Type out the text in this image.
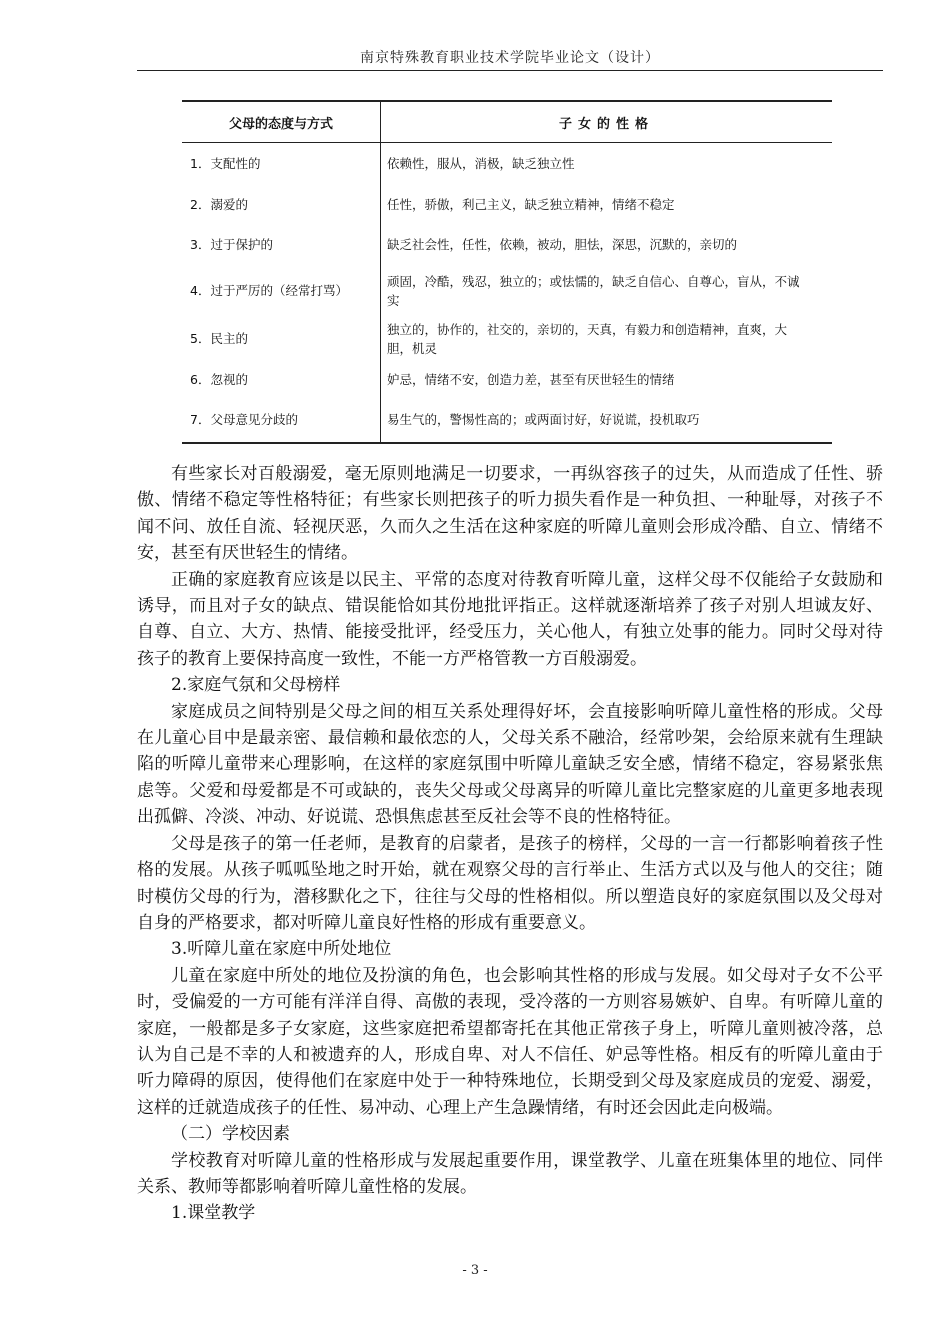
南京特殊教育职业技术学院毕业论文（设计）
父母的态度与方式	子女的性格
1．支配性的	依赖性，服从，消极，缺乏独立性
2．溺爱的	任性，骄傲，利己主义，缺乏独立精神，情绪不稳定
3．过于保护的	缺乏社会性，任性，依赖，被动，胆怯，深思，沉默的，亲切的
4．过于严厉的（经常打骂）	顽固，冷酷，残忍，独立的；或怯懦的，缺乏自信心、自尊心，盲从，不诚实
5．民主的	独立的，协作的，社交的，亲切的，天真，有毅力和创造精神，直爽，大胆，机灵
6．忽视的	妒忌，情绪不安，创造力差，甚至有厌世轻生的情绪
7．父母意见分歧的	易生气的，警惕性高的；或两面讨好，好说谎，投机取巧

有些家长对百般溺爱，毫无原则地满足一切要求，一再纵容孩子的过失，从而造成了任性、骄傲、情绪不稳定等性格特征；有些家长则把孩子的听力损失看作是一种负担、一种耻辱，对孩子不闻不问、放任自流、轻视厌恶，久而久之生活在这种家庭的听障儿童则会形成冷酷、自立、情绪不安，甚至有厌世轻生的情绪。

正确的家庭教育应该是以民主、平常的态度对待教育听障儿童，这样父母不仅能给子女鼓励和诱导，而且对子女的缺点、错误能恰如其份地批评指正。这样就逐渐培养了孩子对别人坦诚友好、自尊、自立、大方、热情、能接受批评，经受压力，关心他人，有独立处事的能力。同时父母对待孩子的教育上要保持高度一致性，不能一方严格管教一方百般溺爱。

2.家庭气氛和父母榜样

家庭成员之间特别是父母之间的相互关系处理得好坏，会直接影响听障儿童性格的形成。父母在儿童心目中是最亲密、最信赖和最依恋的人，父母关系不融洽，经常吵架，会给原来就有生理缺陷的听障儿童带来心理影响，在这样的家庭氛围中听障儿童缺乏安全感，情绪不稳定，容易紧张焦虑等。父爱和母爱都是不可或缺的，丧失父母或父母离异的听障儿童比完整家庭的儿童更多地表现出孤僻、冷淡、冲动、好说谎、恐惧焦虑甚至反社会等不良的性格特征。

父母是孩子的第一任老师，是教育的启蒙者，是孩子的榜样，父母的一言一行都影响着孩子性格的发展。从孩子呱呱坠地之时开始，就在观察父母的言行举止、生活方式以及与他人的交往；随时模仿父母的行为，潜移默化之下，往往与父母的性格相似。所以塑造良好的家庭氛围以及父母对自身的严格要求，都对听障儿童良好性格的形成有重要意义。

3.听障儿童在家庭中所处地位

儿童在家庭中所处的地位及扮演的角色，也会影响其性格的形成与发展。如父母对子女不公平时，受偏爱的一方可能有洋洋自得、高傲的表现，受冷落的一方则容易嫉妒、自卑。有听障儿童的家庭，一般都是多子女家庭，这些家庭把希望都寄托在其他正常孩子身上，听障儿童则被冷落，总认为自己是不幸的人和被遗弃的人，形成自卑、对人不信任、妒忌等性格。相反有的听障儿童由于听力障碍的原因，使得他们在家庭中处于一种特殊地位，长期受到父母及家庭成员的宠爱、溺爱，这样的迁就造成孩子的任性、易冲动、心理上产生急躁情绪，有时还会因此走向极端。

（二）学校因素

学校教育对听障儿童的性格形成与发展起重要作用，课堂教学、儿童在班集体里的地位、同伴关系、教师等都影响着听障儿童性格的发展。

1.课堂教学

- 3 -
